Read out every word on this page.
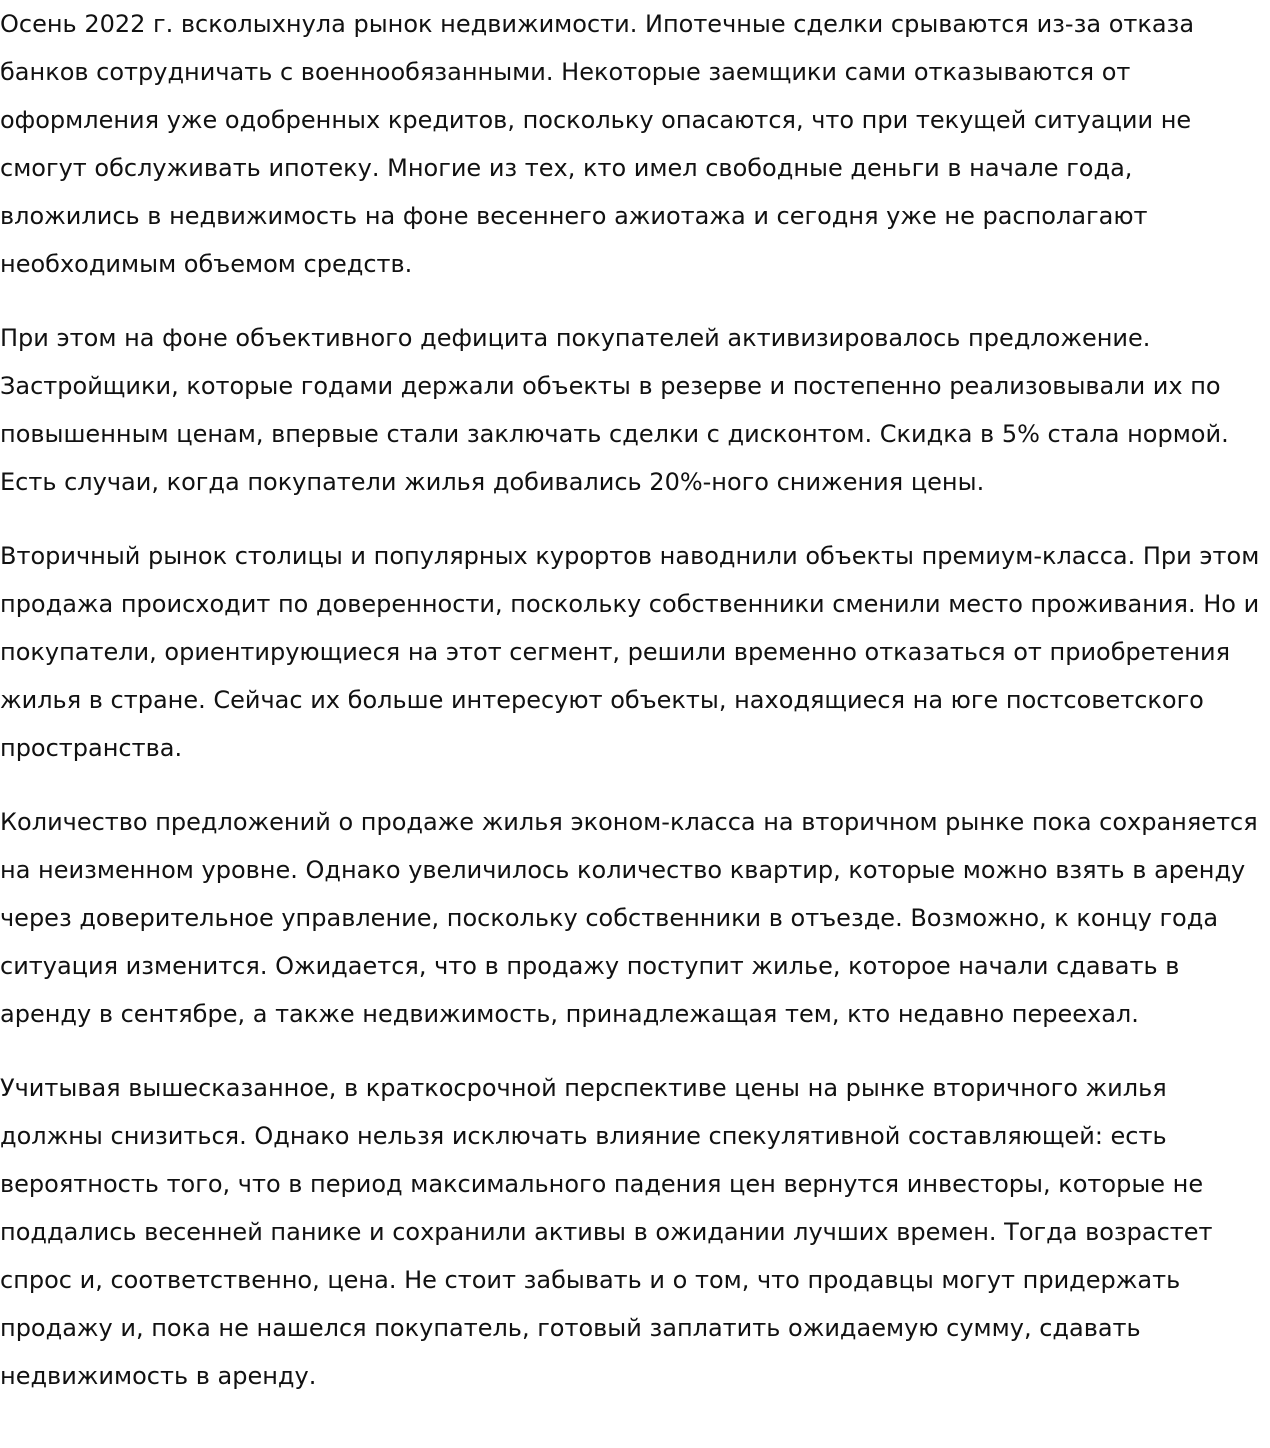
Осень 2022 г. всколыхнула рынок недвижимости. Ипотечные сделки срываются из-за отказа банков сотрудничать с военнообязанными. Некоторые заемщики сами отказываются от оформления уже одобренных кредитов, поскольку опасаются, что при текущей ситуации не смогут обслуживать ипотеку. Многие из тех, кто имел свободные деньги в начале года, вложились в недвижимость на фоне весеннего ажиотажа и сегодня уже не располагают необходимым объемом средств.

При этом на фоне объективного дефицита покупателей активизировалось предложение. Застройщики, которые годами держали объекты в резерве и постепенно реализовывали их по повышенным ценам, впервые стали заключать сделки с дисконтом. Скидка в 5% стала нормой. Есть случаи, когда покупатели жилья добивались 20%-ного снижения цены.

Вторичный рынок столицы и популярных курортов наводнили объекты премиум-класса. При этом продажа происходит по доверенности, поскольку собственники сменили место проживания. Но и покупатели, ориентирующиеся на этот сегмент, решили временно отказаться от приобретения жилья в стране. Сейчас их больше интересуют объекты, находящиеся на юге постсоветского пространства.

Количество предложений о продаже жилья эконом-класса на вторичном рынке пока сохраняется на неизменном уровне. Однако увеличилось количество квартир, которые можно взять в аренду через доверительное управление, поскольку собственники в отъезде. Возможно, к концу года ситуация изменится. Ожидается, что в продажу поступит жилье, которое начали сдавать в аренду в сентябре, а также недвижимость, принадлежащая тем, кто недавно переехал.

Учитывая вышесказанное, в краткосрочной перспективе цены на рынке вторичного жилья должны снизиться. Однако нельзя исключать влияние спекулятивной составляющей: есть вероятность того, что в период максимального падения цен вернутся инвесторы, которые не поддались весенней панике и сохранили активы в ожидании лучших времен. Тогда возрастет спрос и, соответственно, цена. Не стоит забывать и о том, что продавцы могут придержать продажу и, пока не нашелся покупатель, готовый заплатить ожидаемую сумму, сдавать недвижимость в аренду.
